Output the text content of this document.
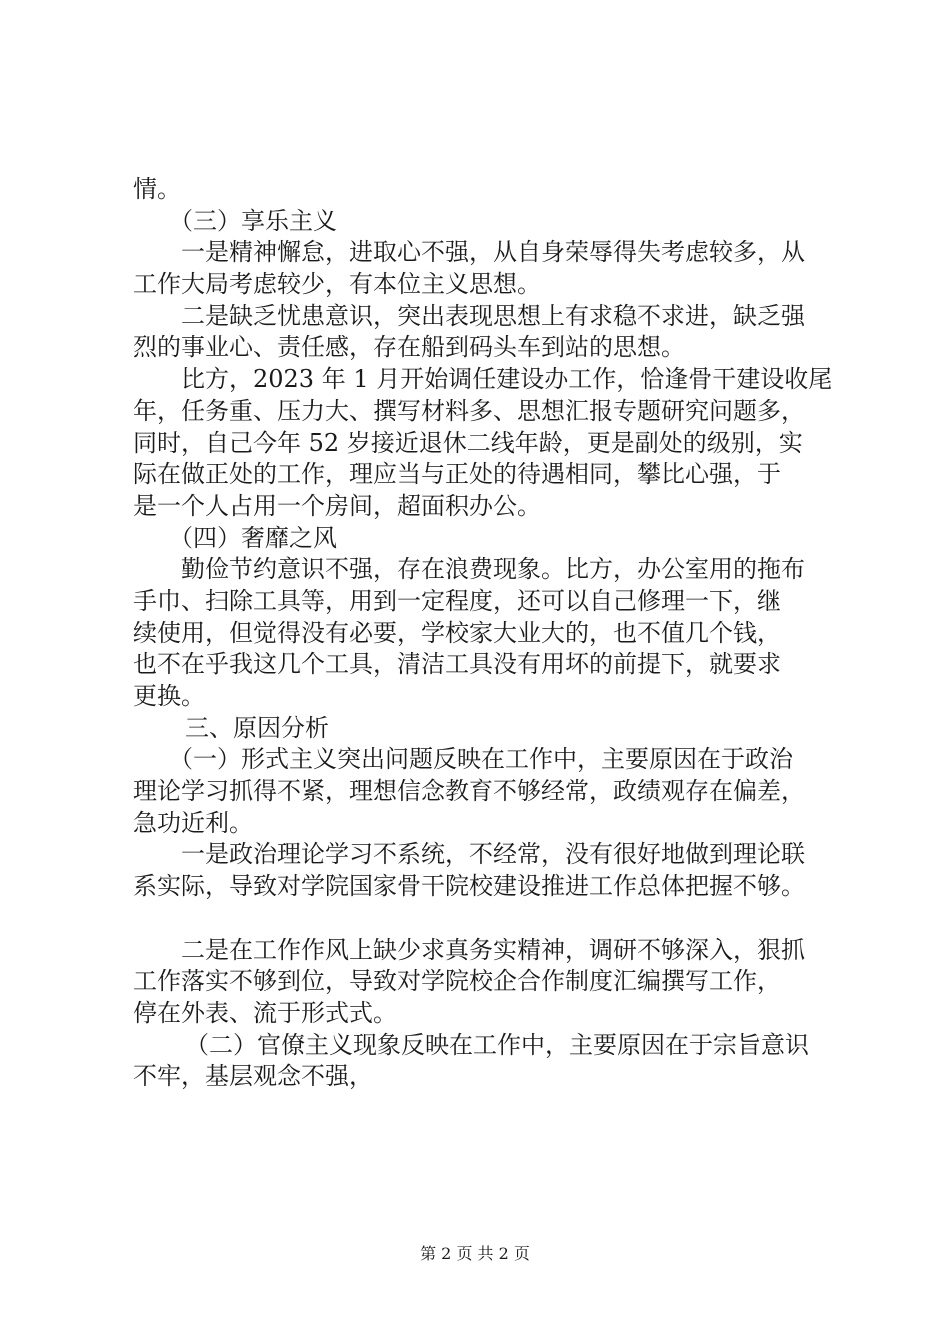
情。
（三）享乐主义
一是精神懈怠，进取心不强，从自身荣辱得失考虑较多，从
工作大局考虑较少，有本位主义思想。
二是缺乏忧患意识，突出表现思想上有求稳不求进，缺乏强
烈的事业心、责任感，存在船到码头车到站的思想。
比方，2023 年 1 月开始调任建设办工作，恰逢骨干建设收尾
年，任务重、压力大、撰写材料多、思想汇报专题研究问题多，
同时，自己今年 52 岁接近退休二线年龄，更是副处的级别，实
际在做正处的工作，理应当与正处的待遇相同，攀比心强，于
是一个人占用一个房间，超面积办公。
（四）奢靡之风
勤俭节约意识不强，存在浪费现象。比方，办公室用的拖布
手巾、扫除工具等，用到一定程度，还可以自己修理一下，继
续使用，但觉得没有必要，学校家大业大的，也不值几个钱，
也不在乎我这几个工具，清洁工具没有用坏的前提下，就要求
更换。
三、原因分析
（一）形式主义突出问题反映在工作中，主要原因在于政治
理论学习抓得不紧，理想信念教育不够经常，政绩观存在偏差，
急功近利。
一是政治理论学习不系统，不经常，没有很好地做到理论联
系实际，导致对学院国家骨干院校建设推进工作总体把握不够。
二是在工作作风上缺少求真务实精神，调研不够深入，狠抓
工作落实不够到位，导致对学院校企合作制度汇编撰写工作，
停在外表、流于形式式。
（二）官僚主义现象反映在工作中，主要原因在于宗旨意识
不牢，基层观念不强，
第 2 页 共 2 页
